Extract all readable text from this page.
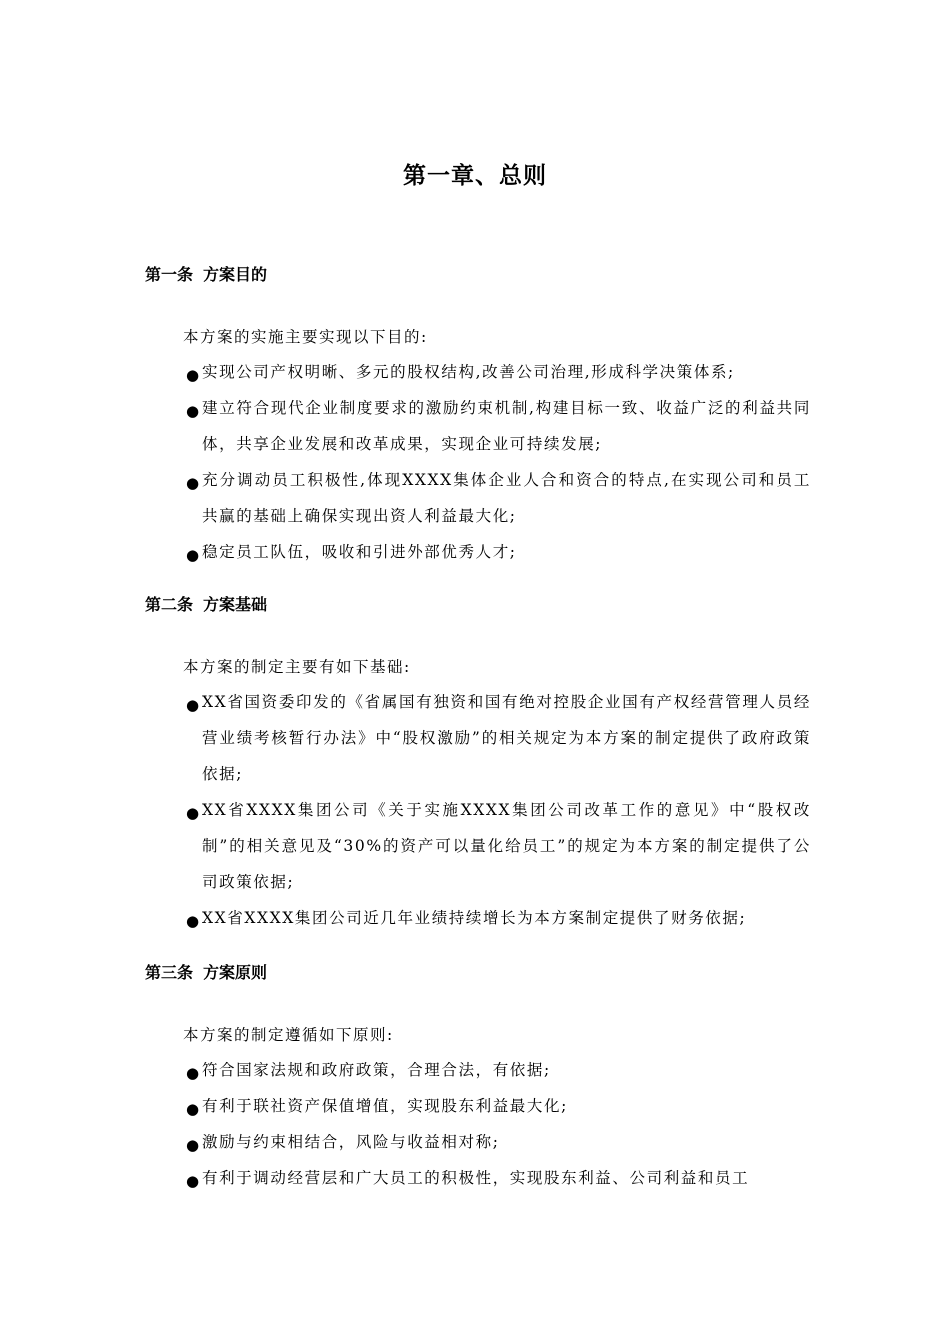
第一章、总则
第一条 方案目的
本方案的实施主要实现以下目的:
● 实现公司产权明晰、多元的股权结构,改善公司治理,形成科学决策体系;
● 建立符合现代企业制度要求的激励约束机制,构建目标一致、收益广泛的利益共同体，共享企业发展和改革成果，实现企业可持续发展;
● 充分调动员工积极性,体现XXXX集体企业人合和资合的特点,在实现公司和员工共赢的基础上确保实现出资人利益最大化;
● 稳定员工队伍，吸收和引进外部优秀人才;
第二条 方案基础
本方案的制定主要有如下基础:
● XX省国资委印发的《省属国有独资和国有绝对控股企业国有产权经营管理人员经营业绩考核暂行办法》中“股权激励”的相关规定为本方案的制定提供了政府政策依据;
● XX省XXXX集团公司《关于实施XXXX集团公司改革工作的意见》中“股权改制”的相关意见及“30%的资产可以量化给员工”的规定为本方案的制定提供了公司政策依据;
● XX省XXXX集团公司近几年业绩持续增长为本方案制定提供了财务依据;
第三条 方案原则
本方案的制定遵循如下原则:
● 符合国家法规和政府政策，合理合法，有依据;
● 有利于联社资产保值增值，实现股东利益最大化;
● 激励与约束相结合，风险与收益相对称;
● 有利于调动经营层和广大员工的积极性，实现股东利益、公司利益和员工
